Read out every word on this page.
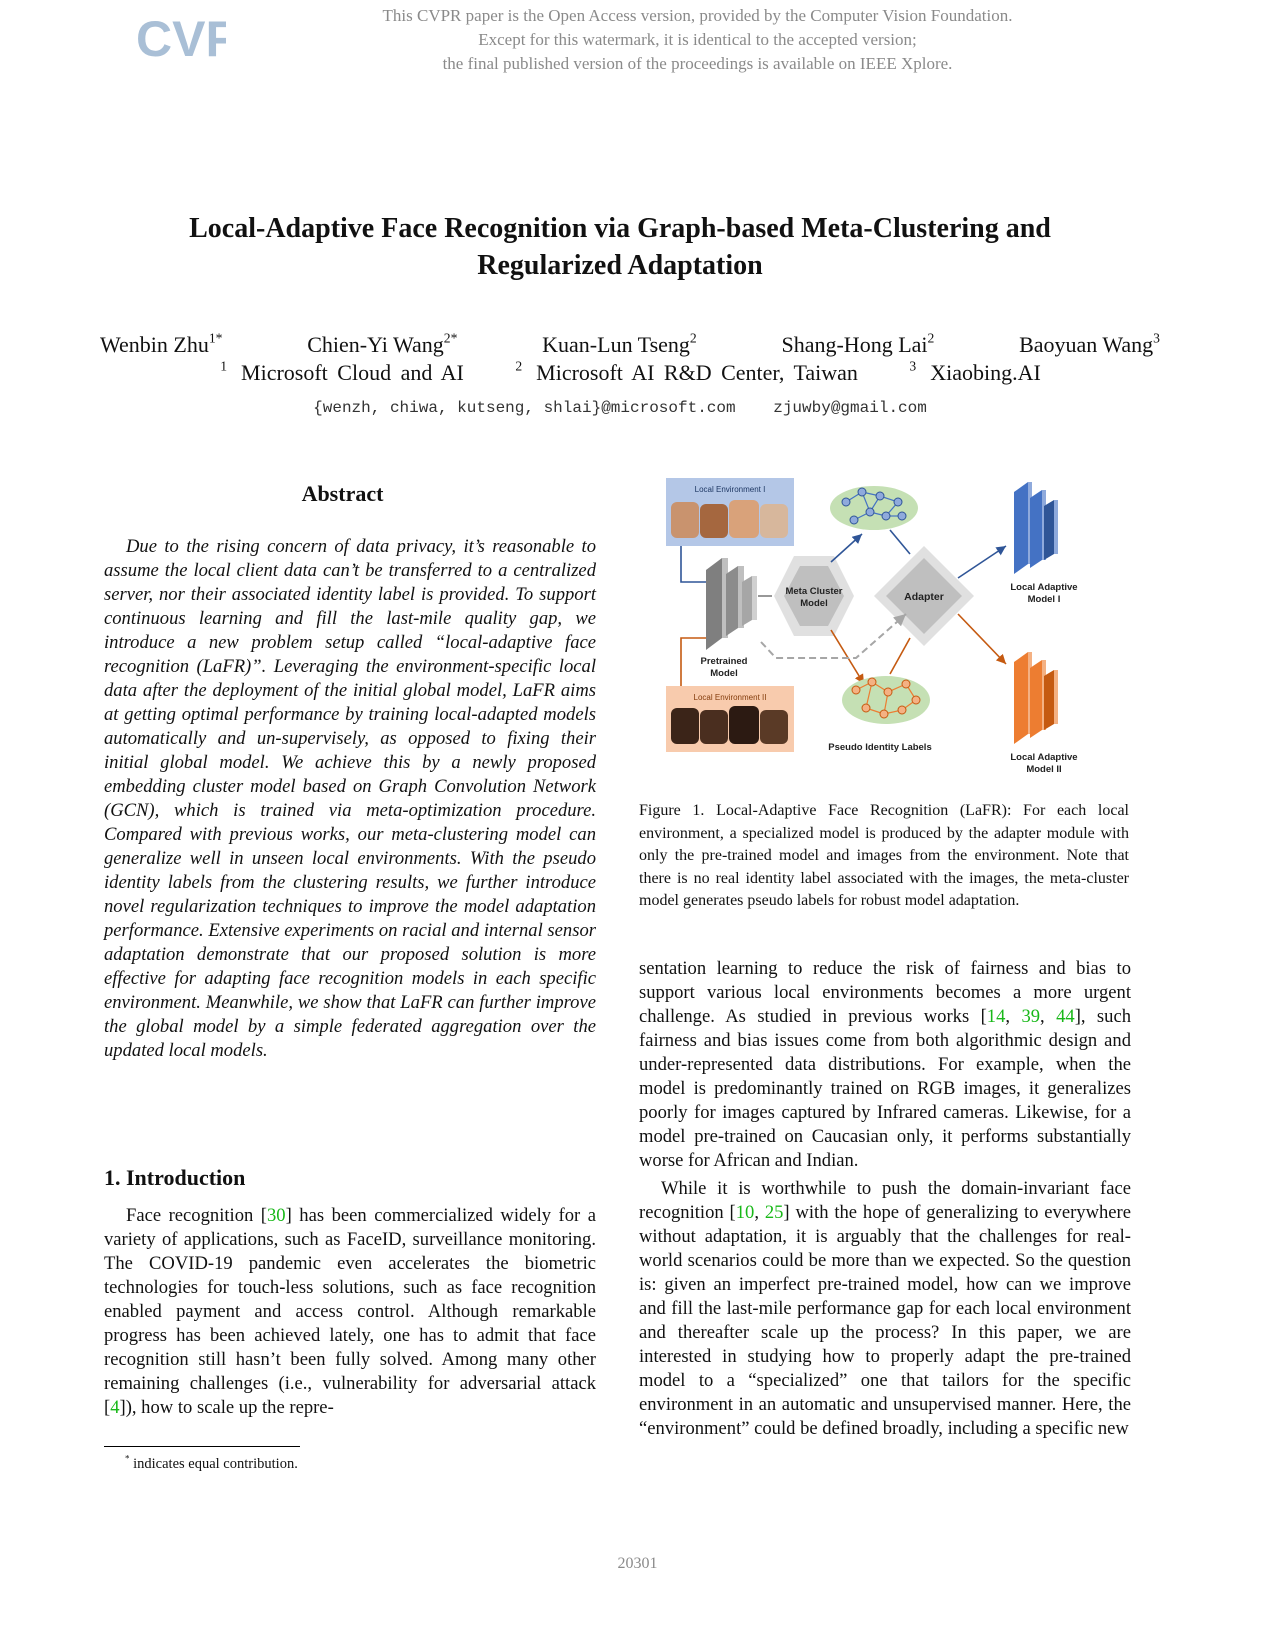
CVF	This CVPR paper is the Open Access version, provided by the Computer Vision Foundation.
Except for this watermark, it is identical to the accepted version;
the final published version of the proceedings is available on IEEE Xplore.
Local-Adaptive Face Recognition via Graph-based Meta-Clustering and
Regularized Adaptation
Wenbin Zhu$^{1*}$	Chien-Yi Wang$^{2*}$	Kuan-Lun Tseng$^2$	Shang-Hong Lai$^2$	Baoyuan Wang$^3$
$^1$ Microsoft Cloud and AI	$^2$ Microsoft AI R&D Center, Taiwan	$^3$ Xiaobing.AI
{wenzh, chiwa, kutseng, shlai}@microsoft.com zjuwby@gmail.com
Abstract
Due to the rising concern of data privacy, it’s reasonable to assume the local client data can’t be transferred to a centralized server, nor their associated identity label is provided. To support continuous learning and fill the last-mile quality gap, we introduce a new problem setup called “local-adaptive face recognition (LaFR)”. Leveraging the environment-specific local data after the deployment of the initial global model, LaFR aims at getting optimal performance by training local-adapted models automatically and un-supervisely, as opposed to fixing their initial global model. We achieve this by a newly proposed embedding cluster model based on Graph Convolution Network (GCN), which is trained via meta-optimization procedure. Compared with previous works, our meta-clustering model can generalize well in unseen local environments. With the pseudo identity labels from the clustering results, we further introduce novel regularization techniques to improve the model adaptation performance. Extensive experiments on racial and internal sensor adaptation demonstrate that our proposed solution is more effective for adapting face recognition models in each specific environment. Meanwhile, we show that LaFR can further improve the global model by a simple federated aggregation over the updated local models.
1. Introduction
Face recognition [30] has been commercialized widely for a variety of applications, such as FaceID, surveillance monitoring. The COVID-19 pandemic even accelerates the biometric technologies for touch-less solutions, such as face recognition enabled payment and access control. Although remarkable progress has been achieved lately, one has to admit that face recognition still hasn’t been fully solved. Among many other remaining challenges (i.e., vulnerability for adversarial attack [4]), how to scale up the repre-
* indicates equal contribution.
Local Environment I
Local Environment II
Pretrained
Model
Meta Cluster
Model
Adapter
Pseudo Identity Labels
Local Adaptive
Model I
Local Adaptive
Model II
Figure 1. Local-Adaptive Face Recognition (LaFR): For each local environment, a specialized model is produced by the adapter module with only the pre-trained model and images from the environment. Note that there is no real identity label associated with the images, the meta-cluster model generates pseudo labels for robust model adaptation.
sentation learning to reduce the risk of fairness and bias to support various local environments becomes a more urgent challenge. As studied in previous works [14, 39, 44], such fairness and bias issues come from both algorithmic design and under-represented data distributions. For example, when the model is predominantly trained on RGB images, it generalizes poorly for images captured by Infrared cameras. Likewise, for a model pre-trained on Caucasian only, it performs substantially worse for African and Indian.
While it is worthwhile to push the domain-invariant face recognition [10, 25] with the hope of generalizing to everywhere without adaptation, it is arguably that the challenges for real-world scenarios could be more than we expected. So the question is: given an imperfect pre-trained model, how can we improve and fill the last-mile performance gap for each local environment and thereafter scale up the process? In this paper, we are interested in studying how to properly adapt the pre-trained model to a “specialized” one that tailors for the specific environment in an automatic and unsupervised manner. Here, the “environment” could be defined broadly, including a specific new
20301
